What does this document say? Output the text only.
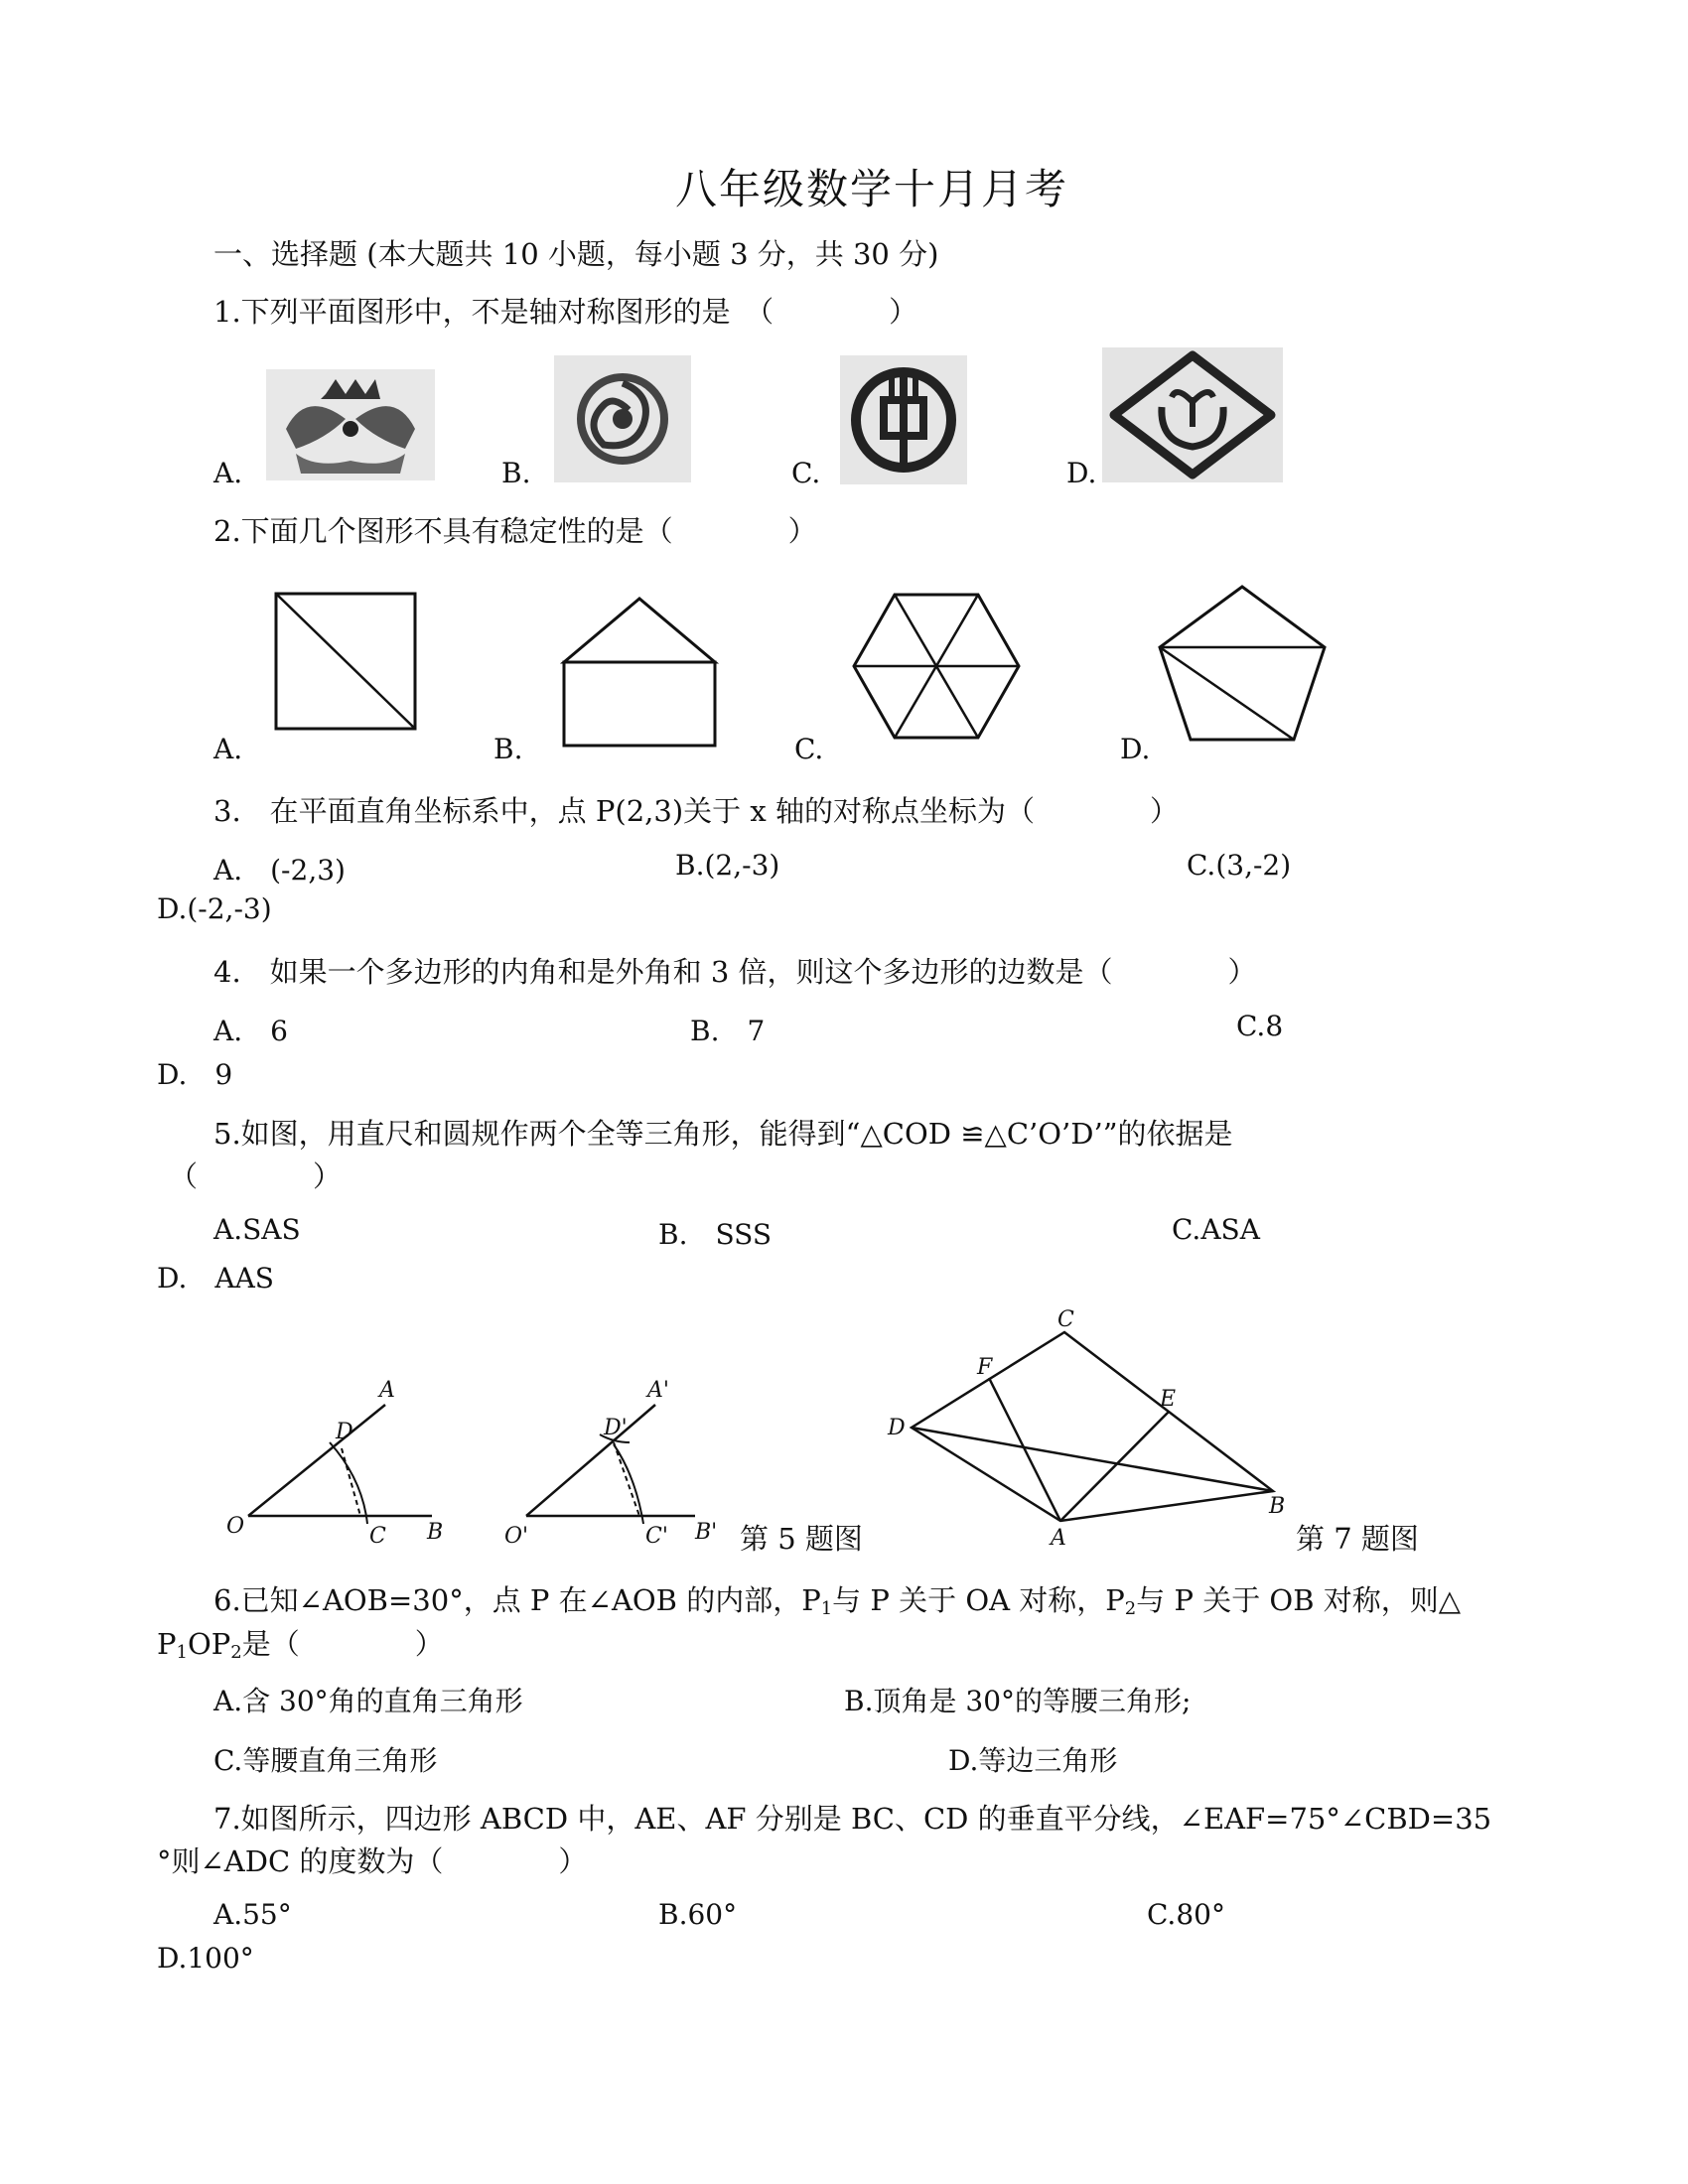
八年级数学十月月考
一、选择题 (本大题共 10 小题，每小题 3 分，共 30 分)
1.下列平面图形中，不是轴对称图形的是　（　　　　）
A.	B.	C.	D.
2.下面几个图形不具有稳定性的是（　　　　）
A.	B.	C.	D.
3.　在平面直角坐标系中，点 P(2,3)关于 x 轴的对称点坐标为（　　　　）
A.　(-2,3)	B.(2,-3)	C.(3,-2)
D.(-2,-3)
4.　如果一个多边形的内角和是外角和 3 倍，则这个多边形的边数是（　　　　）
A.　6	B.　7	C.8
D.　9
5.如图，用直尺和圆规作两个全等三角形，能得到“△COD ≌△C’O’D’”的依据是
（　　　　）
A.SAS	B.　SSS	C.ASA
D.　AAS
O
A
B
C
D
O'
A'
B'
C'
D'
第 5 题图
C
F
E
D
B
A	第 7 题图
6.已知∠AOB=30°，点 P 在∠AOB 的内部，$P_1$与 P 关于 OA 对称，$P_2$与 P 关于 OB 对称，则△
$P_1OP_2$是（　　　　）
A.含 30°角的直角三角形	B.顶角是 30°的等腰三角形;
C.等腰直角三角形	D.等边三角形
7.如图所示，四边形 ABCD 中，AE、AF 分别是 BC、CD 的垂直平分线，∠EAF=75°∠CBD=35
°则∠ADC 的度数为（　　　　）
A.55°	B.60°	C.80°
D.100°
